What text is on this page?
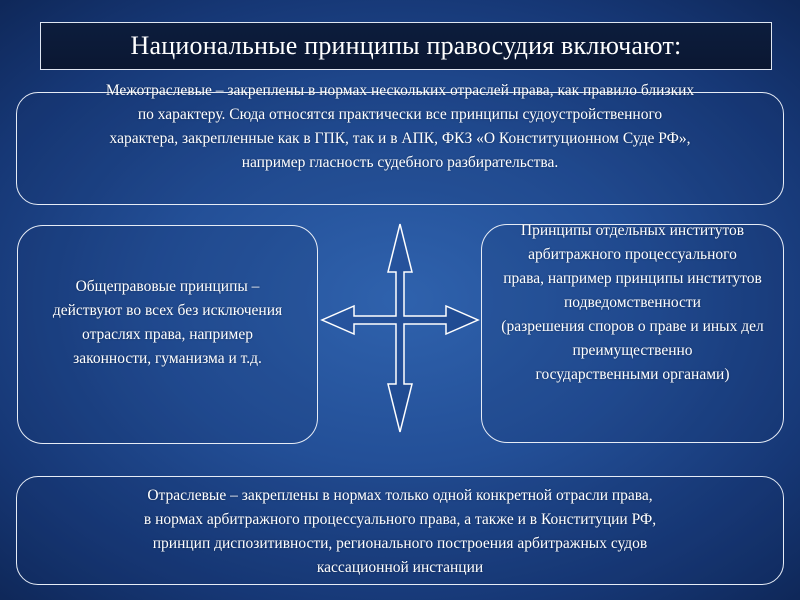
Национальные принципы правосудия включают:
Межотраслевые – закреплены в нормах нескольких отраслей права, как правило близких
по характеру. Сюда относятся практически все принципы судоустройственного
характера, закрепленные как в ГПК, так и в АПК, ФКЗ «О Конституционном Суде РФ»,
например гласность судебного разбирательства.
Общеправовые принципы –
действуют во всех без исключения
отраслях права, например
законности, гуманизма и т.д.
Принципы отдельных институтов
арбитражного процессуального
права, например принципы институтов
подведомственности
(разрешения споров о праве и иных дел преимущественно
государственными органами)
Отраслевые – закреплены в нормах только одной конкретной отрасли права,
в нормах арбитражного процессуального права, а также и в Конституции РФ,
принцип диспозитивности, регионального построения арбитражных судов
кассационной инстанции
